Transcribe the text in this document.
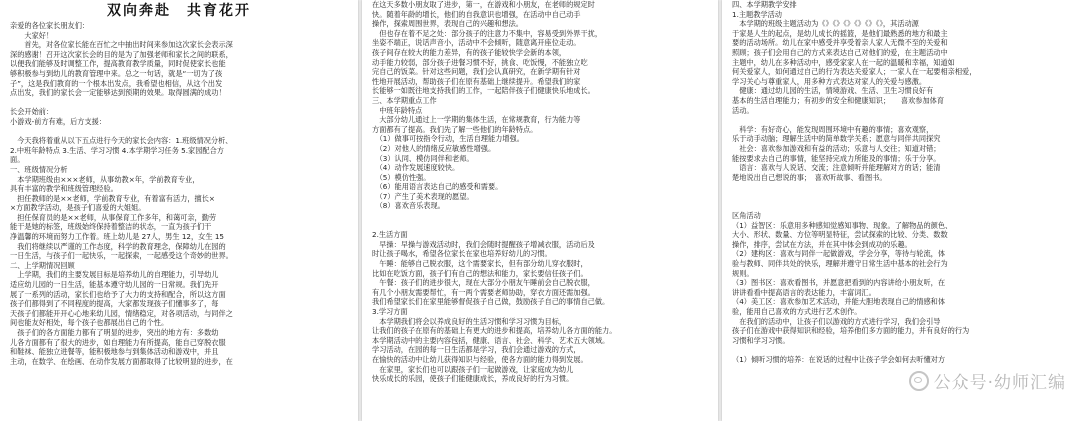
双向奔赴　共育花开
亲爱的各位家长朋友们：
　　大家好！
　　首先，对各位家长能在百忙之中抽出时间来参加这次家长会表示深
深的感谢！召开这次家长会的目的是为了加强老师和家长之间的联系，
以便我们能够及时调整工作，提高教育教学质量，同时促使家长也能
够积极参与到幼儿的教育管理中来。总之一句话，就是“一切为了孩
子”，这是我们教育的一个根本出发点，我希望也相信，从这个出发
点出发，我们的家长会一定能够达到预期的效果。取得圆满的成功！
长会开始前：
小游戏-前方有难，后方支援：
　今天我将着重从以下五点进行今天的家长会内容：1.班级情况分析、
2.中班年龄特点 3.生活、学习习惯 4.本学期学习任务 5.家园配合方
面。
一、班级情况分析
　本学期班级由×××老师，从事幼教×年，学前教育专业，
具有丰富的教学和班级管理经验。
　担任教师的是××老师，学前教育专业，有着富有活力，擅长×
×方面教学活动，是孩子们喜爱的大姐姐。
　担任保育员的是××老师，从事保育工作多年，和蔼可亲，勤劳
能干是她的标签，班级始终保持着整洁的状态，一直为孩子们干
净温馨的环境而努力工作着。班上幼儿是 27人，男生 12，女生 15
　我们将继续以严谨的工作态度，科学的教育理念，保障幼儿在园的
一日生活，与孩子们一起快乐，一起探索，一起感受这个奇妙的世界。
二、上学期情况回顾
　上学期，我们的主要发展目标是培养幼儿的自理能力，引导幼儿
适应幼儿园的一日生活，能基本遵守幼儿园的一日常规。我们先开
展了一系列的活动，家长们也给予了大力的支持和配合，所以这方面
孩子们都得到了不同程度的提高，大家都发现孩子们懂事多了，每
天孩子们都能开开心心地来幼儿园，情绪稳定，对各项活动，与同伴之
间也能友好相处，每个孩子也都展出自己的个性。
　孩子们的各方面能力都有了明显的进步，突出的地方有：多数幼
儿各方面都有了很大的进步，如自理能力有所提高，能自己穿脱衣服
和鞋袜、能独立进餐等，能积极地参与到集体活动和游戏中，并且
主动，在数学、在绘画、在动作发展方面都取得了比较明显的进步，在
在这天多数小朋友取了进步，第一，在游戏和小朋友，在老师的规定时
快。随着年龄的增长，他们的自我意识也增强，在活动中自己动手
操作，探索周围世界，表现自己的兴趣和想法。
　但也存在着不足之处：部分孩子的注意力不集中，容易受到外界干扰，
坐姿不端正，说话声音小，活动中不会倾听，随意离开座位走动。
孩子间存在较大的能力差异，有的孩子能较快学会新的本领，
动手能力较弱，部分孩子进餐习惯不好，挑食、吃饭慢，不能独立吃
完自己的饭菜。针对这些问题，我们会认真研究，在新学期有针对
性地开展活动，帮助孩子们在原有基础上继续提升。希望我们的家
长能够一如既往地支持我们的工作，一起陪伴孩子们健康快乐地成长。
三、本学期重点工作
　中班年龄特点
　大部分幼儿通过上一学期的集体生活，在常规教育，行为能力等
方面都有了提高。我们先了解一些他们的年龄特点。
　（1）做事可按指令行动，生活自理能力增强。
　（2）对他人的情绪反应敏感性增强。
　（3）认同、模仿同伴和老师。
　（4）动作发展速度较快。
　（5）模仿性强。
　（6）能用语言表达自己的感受和需要。
　（7）产生了美术表现的愿望。
　（8）喜欢音乐表现。
2.生活方面
　早操：早操与游戏活动时，我们会随时提醒孩子增减衣服，活动后及
时让孩子喝水，希望各位家长在家也培养好幼儿的习惯。
　午睡：能够自己脱衣服，这个需要家长，但有部分幼儿穿衣服时，
比如在吃饭方面，孩子们有自己的想法和能力，家长要信任孩子们。
　午餐：孩子们的进步很大，现在大部分小朋友午睡前会自己脱衣服，
有几个小朋友需要帮忙，有一两个需要老师协助，穿衣方面还需加强。
我们希望家长们在家里能够督促孩子自己做，鼓励孩子自己的事情自己做。
3.学习方面
　本学期我们将会以养成良好的生活习惯和学习习惯为目标，
让我们的孩子在原有的基础上有更大的进步和提高，培养幼儿各方面的能力。
本学期活动中的主要内容包括，健康、语言、社会、科学、艺术五大领域。
学习活动，在园的每一日生活都是学习，我们会通过游戏的方式，
在愉快的活动中让幼儿获得知识与经验，使各方面的能力得到发展。
　在家里，家长们也可以跟孩子们一起做游戏，让家庭成为幼儿
快乐成长的乐园，使孩子们能健康成长，养成良好的行为习惯。
四、本学期教学安排
1.主题教学活动
　本学期的班级主题活动为《》《》《》《》《》《》，其活动源
于家是人生的起点，是幼儿成长的摇篮，是他们最熟悉的地方和最主
要的活动场所。幼儿在家中感受并享受着亲人家人无微不至的关爱和
照顾；孩子们会用自己的方式来表达自己对他们的爱，在主题活动中
主题中，幼儿在多种活动中，感受家家人在一起的温暖和幸福，知道如
何关爱家人，如何通过自己的行为表达关爱家人；一家人在一起要相亲相爱，
学习关心与尊重家人，用多种方式表达对家人的关爱与感激。
　健康：通过幼儿园的生活，情境游戏、生活、卫生习惯良好有
基本的生活自理能力；有初步的安全和健康知识；　　喜欢参加体育
活动。
　科学：有好奇心，能发现周围环境中有趣的事情；喜欢观察，
乐于动手动脑；理解生活中的简单数学关系；愿意与同伴共同探究
　社会：喜欢参加游戏和有益的活动；乐意与人交往；知道对错；
能按要求去自己的事情，能坚持完成力所能及的事情；乐于分享。
　语言：喜欢与人说话、交流；注意倾听并能理解对方的话；能清
楚地说出自己想说的事；　喜欢听故事、看图书。
区角活动
（1）益智区：乐意用多种感知觉感知事物、现象。了解物品的颜色、
大小、形状、数量、方位等明显特征，尝试探索的比较、分类、数数
操作，排序，尝试在方法，并在其中体会到成功的乐趣。
（2）建构区：喜欢与同伴一起做游戏，学会分享，等待与轮流，体
验与教师、同伴共处的快乐，理解并遵守日常生活中基本的社会行为
规则。
（3）图书区：喜欢看图书，并愿意把看到的内容讲给小朋友听，在
讲讲看看中提高语言的表达能力，丰富词汇。
（4）美工区：喜欢参加艺术活动，并能大胆地表现自己的情感和体
验，能用自己喜欢的方式进行艺术创作。
　在我们的活动中，让孩子们以游戏的方式进行学习，我们会引导
孩子们在游戏中获得知识和经验，培养他们多方面的能力，并有良好的行为
习惯和学习习惯。
（1）倾听习惯的培养：在说话的过程中让孩子学会如何去听懂对方
公众号·幼师汇编
